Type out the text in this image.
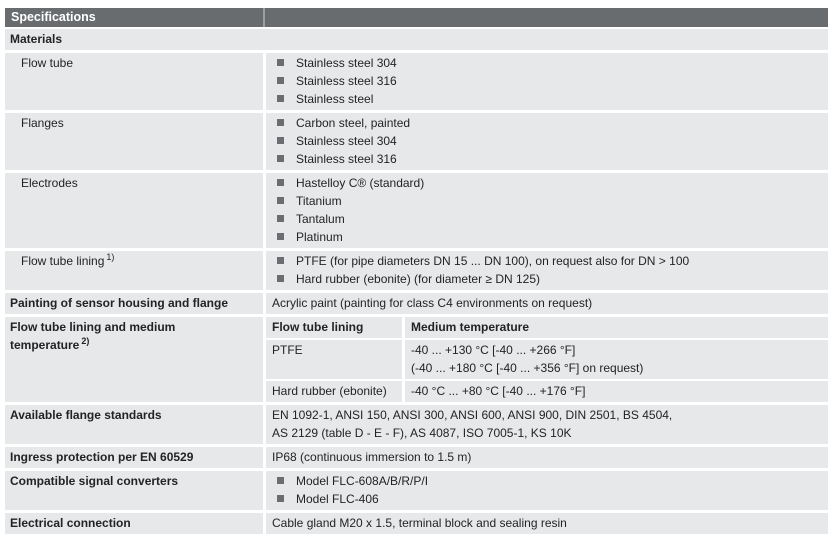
Specifications
Materials
Flow tube	Stainless steel 304
Stainless steel 316
Stainless steel
Flanges	Carbon steel, painted
Stainless steel 304
Stainless steel 316
Electrodes	Hastelloy C® (standard)
Titanium
Tantalum
Platinum
Flow tube lining $^{1)}$	PTFE (for pipe diameters DN 15 ... DN 100), on request also for DN > 100
Hard rubber (ebonite) (for diameter ≥ DN 125)
Painting of sensor housing and flange	Acrylic paint (painting for class C4 environments on request)
Flow tube lining and medium temperature $^{2)}$
Flow tube lining	Medium temperature
PTFE	-40 ... +130 °C [-40 ... +266 °F]
(-40 ... +180 °C [-40 ... +356 °F] on request)
Hard rubber (ebonite)	-40 °C ... +80 °C [-40 ... +176 °F]
Available flange standards	EN 1092-1, ANSI 150, ANSI 300, ANSI 600, ANSI 900, DIN 2501, BS 4504,
AS 2129 (table D - E - F), AS 4087, ISO 7005-1, KS 10K
Ingress protection per EN 60529	IP68 (continuous immersion to 1.5 m)
Compatible signal converters	Model FLC-608A/B/R/P/I
Model FLC-406
Electrical connection	Cable gland M20 x 1.5, terminal block and sealing resin
